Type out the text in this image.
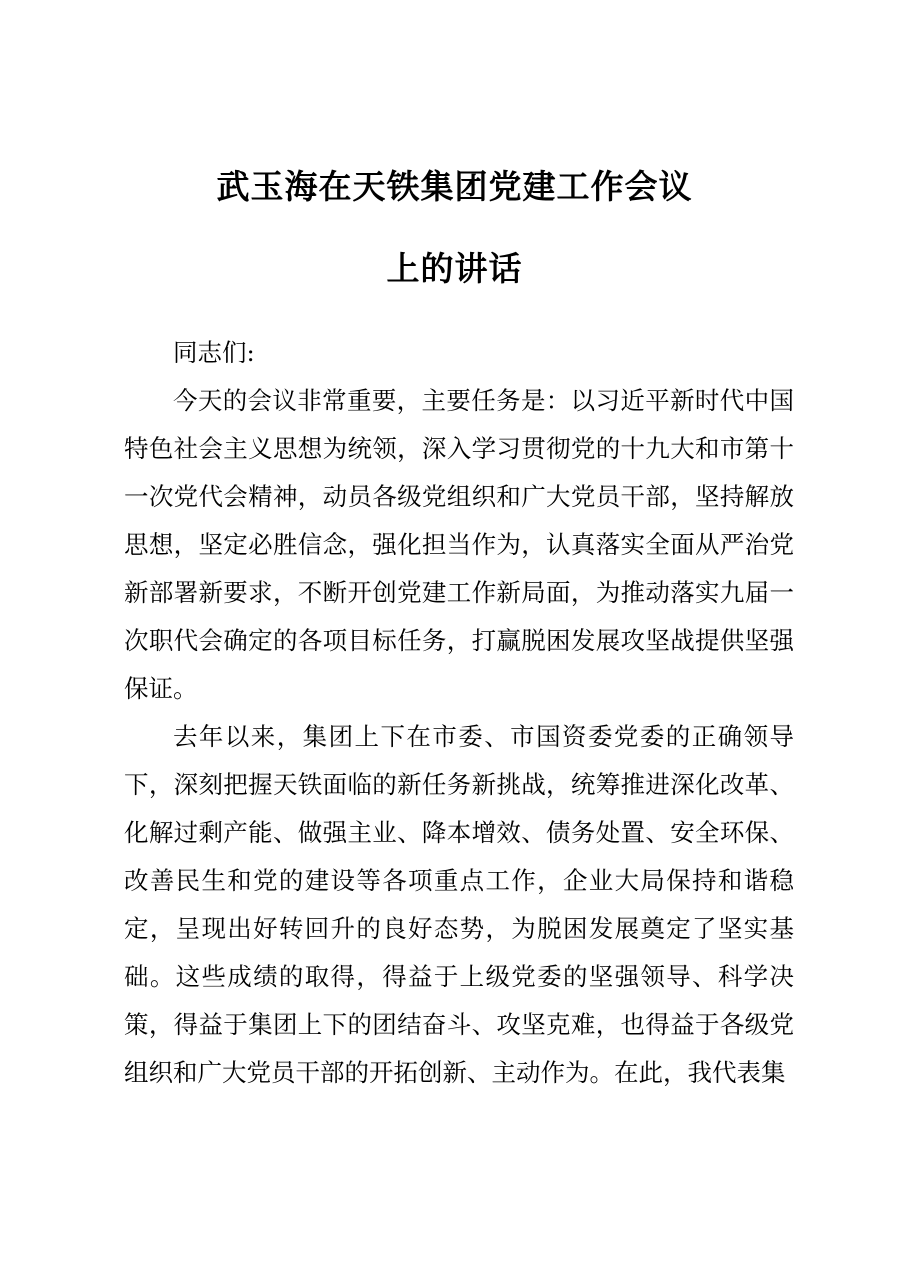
武玉海在天铁集团党建工作会议
上的讲话

同志们:

今天的会议非常重要，主要任务是：以习近平新时代中国特色社会主义思想为统领，深入学习贯彻党的十九大和市第十一次党代会精神，动员各级党组织和广大党员干部，坚持解放思想，坚定必胜信念，强化担当作为，认真落实全面从严治党新部署新要求，不断开创党建工作新局面，为推动落实九届一次职代会确定的各项目标任务，打赢脱困发展攻坚战提供坚强保证。

去年以来，集团上下在市委、市国资委党委的正确领导下，深刻把握天铁面临的新任务新挑战，统筹推进深化改革、化解过剩产能、做强主业、降本增效、债务处置、安全环保、改善民生和党的建设等各项重点工作，企业大局保持和谐稳定，呈现出好转回升的良好态势，为脱困发展奠定了坚实基础。这些成绩的取得，得益于上级党委的坚强领导、科学决策，得益于集团上下的团结奋斗、攻坚克难，也得益于各级党组织和广大党员干部的开拓创新、主动作为。在此，我代表集
